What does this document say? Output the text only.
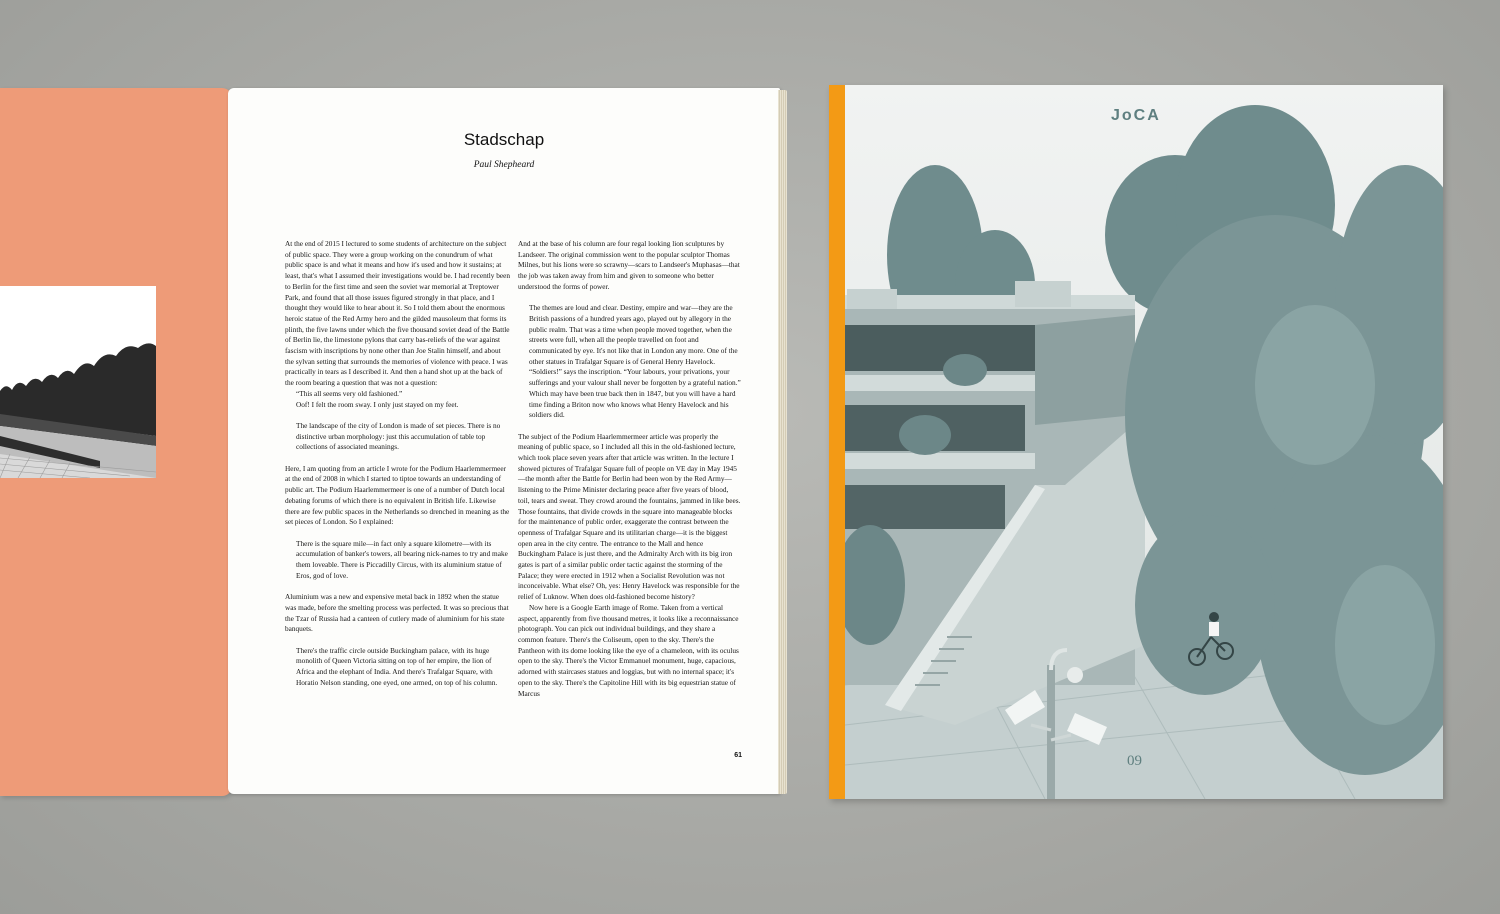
Stadschap
Paul Shepheard

At the end of 2015 I lectured to some students of architecture on the subject of public space. They were a group working on the conundrum of what public space is and what it means and how it's used and how it sustains; at least, that's what I assumed their investigations would be. I had recently been to Berlin for the first time and seen the soviet war memorial at Treptower Park, and found that all those issues figured strongly in that place, and I thought they would like to hear about it. So I told them about the enormous heroic statue of the Red Army hero and the gilded mausoleum that forms its plinth, the five lawns under which the five thousand soviet dead of the Battle of Berlin lie, the limestone pylons that carry bas-reliefs of the war against fascism with inscriptions by none other than Joe Stalin himself, and about the sylvan setting that surrounds the memories of violence with peace. I was practically in tears as I described it. And then a hand shot up at the back of the room bearing a question that was not a question:

“This all seems very old fashioned.”

Oof! I felt the room sway. I only just stayed on my feet.

The landscape of the city of London is made of set pieces. There is no distinctive urban morphology: just this accumulation of table top collections of associated meanings.

Here, I am quoting from an article I wrote for the Podium Haarlemmermeer at the end of 2008 in which I started to tiptoe towards an understanding of public art. The Podium Haarlemmermeer is one of a number of Dutch local debating forums of which there is no equivalent in British life. Likewise there are few public spaces in the Netherlands so drenched in meaning as the set pieces of London. So I explained:

There is the square mile—in fact only a square kilometre—with its accumulation of banker's towers, all bearing nick-names to try and make them loveable. There is Piccadilly Circus, with its aluminium statue of Eros, god of love.

Aluminium was a new and expensive metal back in 1892 when the statue was made, before the smelting process was perfected. It was so precious that the Tzar of Russia had a canteen of cutlery made of aluminium for his state banquets.

There's the traffic circle outside Buckingham palace, with its huge monolith of Queen Victoria sitting on top of her empire, the lion of Africa and the elephant of India. And there's Trafalgar Square, with Horatio Nelson standing, one eyed, one armed, on top of his column.

And at the base of his column are four regal looking lion sculptures by Landseer. The original commission went to the popular sculptor Thomas Milnes, but his lions were so scrawny—scars to Landseer's Muphasas—that the job was taken away from him and given to someone who better understood the forms of power.

The themes are loud and clear. Destiny, empire and war—they are the British passions of a hundred years ago, played out by allegory in the public realm. That was a time when people moved together, when the streets were full, when all the people travelled on foot and communicated by eye. It's not like that in London any more. One of the other statues in Trafalgar Square is of General Henry Havelock. “Soldiers!” says the inscription. “Your labours, your privations, your sufferings and your valour shall never be forgotten by a grateful nation.” Which may have been true back then in 1847, but you will have a hard time finding a Briton now who knows what Henry Havelock and his soldiers did.

The subject of the Podium Haarlemmermeer article was properly the meaning of public space, so I included all this in the old-fashioned lecture, which took place seven years after that article was written. In the lecture I showed pictures of Trafalgar Square full of people on VE day in May 1945—the month after the Battle for Berlin had been won by the Red Army—listening to the Prime Minister declaring peace after five years of blood, toil, tears and sweat. They crowd around the fountains, jammed in like bees. Those fountains, that divide crowds in the square into manageable blocks for the maintenance of public order, exaggerate the contrast between the openness of Trafalgar Square and its utilitarian charge—it is the biggest open area in the city centre. The entrance to the Mall and hence Buckingham Palace is just there, and the Admiralty Arch with its big iron gates is part of a similar public order tactic against the storming of the Palace; they were erected in 1912 when a Socialist Revolution was not inconceivable. What else? Oh, yes: Henry Havelock was responsible for the relief of Luknow. When does old-fashioned become history?

Now here is a Google Earth image of Rome. Taken from a vertical aspect, apparently from five thousand metres, it looks like a reconnaissance photograph. You can pick out individual buildings, and they share a common feature. There's the Coliseum, open to the sky. There's the Pantheon with its dome looking like the eye of a chameleon, with its oculus open to the sky. There's the Victor Emmanuel monument, huge, capacious, adorned with staircases statues and loggias, but with no internal space; it's open to the sky. There's the Capitoline Hill with its big equestrian statue of Marcus

61
JoCA
09
